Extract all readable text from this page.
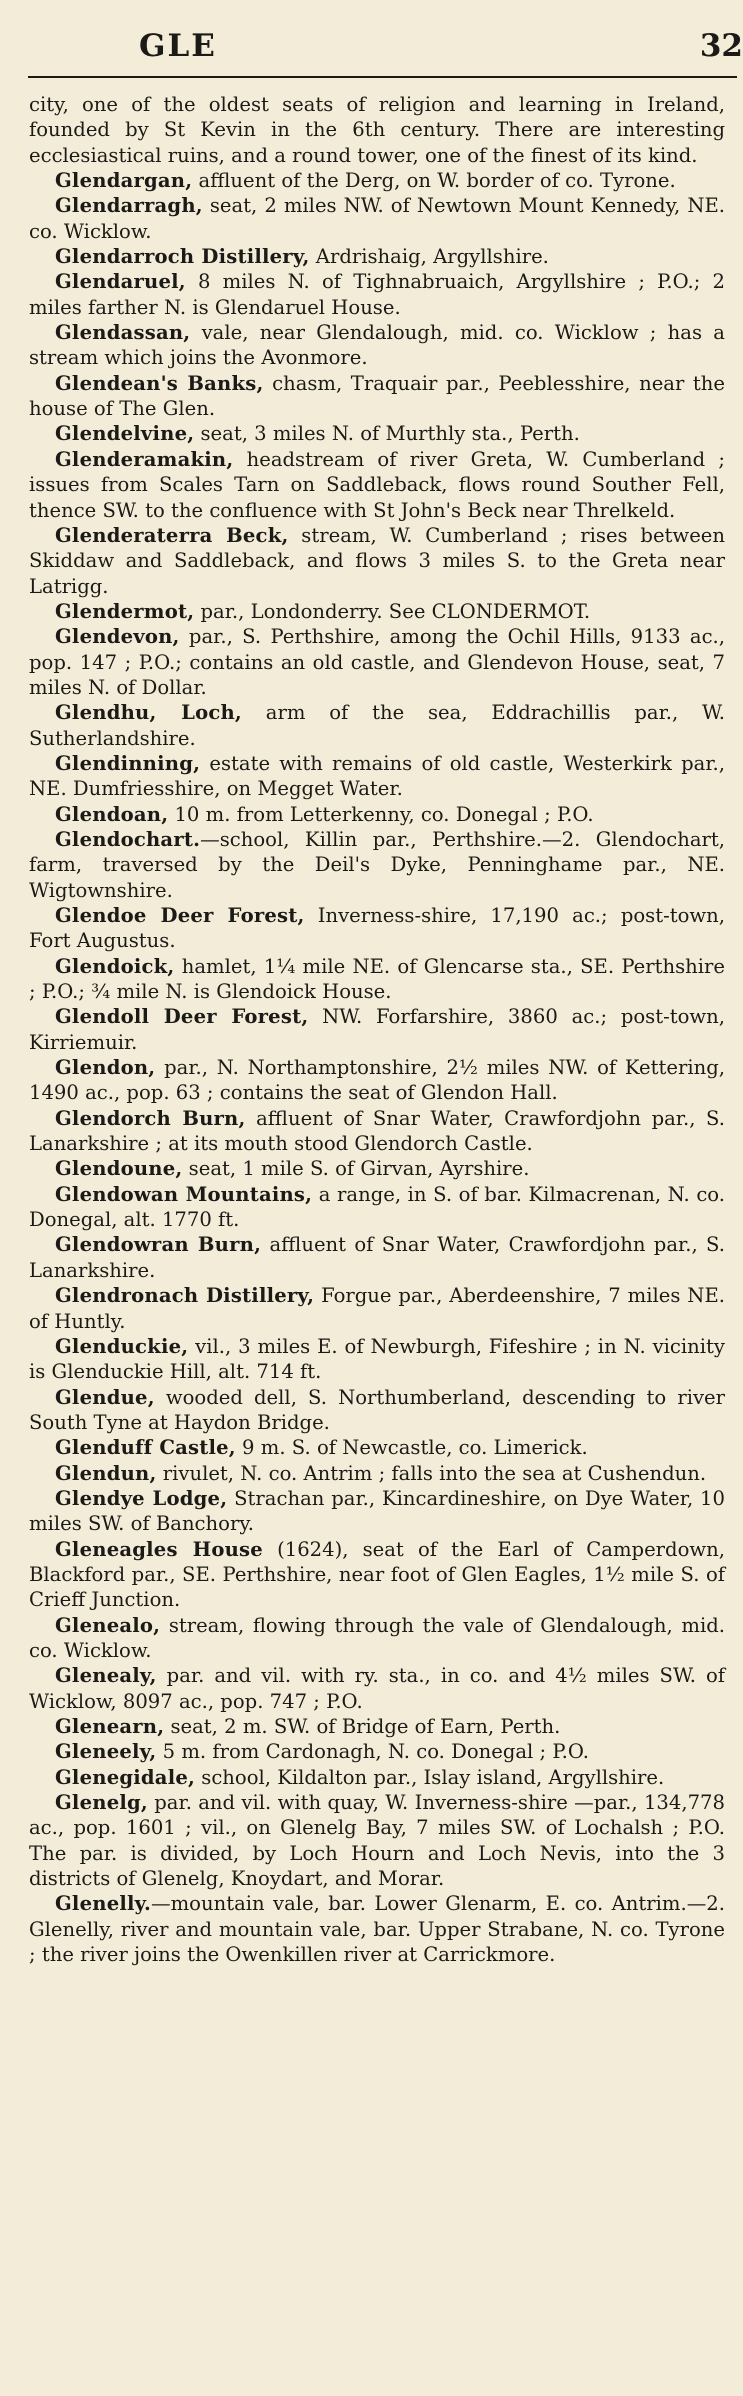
GLE	32

city, one of the oldest seats of religion and learning in Ireland, founded by St Kevin in the 6th century. There are interesting ecclesiastical ruins, and a round tower, one of the finest of its kind.

Glendargan, affluent of the Derg, on W. border of co. Tyrone.

Glendarragh, seat, 2 miles NW. of Newtown Mount Kennedy, NE. co. Wicklow.

Glendarroch Distillery, Ardrishaig, Argyllshire.

Glendaruel, 8 miles N. of Tighnabruaich, Argyllshire ; P.O.; 2 miles farther N. is Glendaruel House.

Glendassan, vale, near Glendalough, mid. co. Wicklow ; has a stream which joins the Avonmore.

Glendean's Banks, chasm, Traquair par., Peeblesshire, near the house of The Glen.

Glendelvine, seat, 3 miles N. of Murthly sta., Perth.

Glenderamakin, headstream of river Greta, W. Cumberland ; issues from Scales Tarn on Saddleback, flows round Souther Fell, thence SW. to the confluence with St John's Beck near Threlkeld.

Glenderaterra Beck, stream, W. Cumberland ; rises between Skiddaw and Saddleback, and flows 3 miles S. to the Greta near Latrigg.

Glendermot, par., Londonderry. See CLONDERMOT.

Glendevon, par., S. Perthshire, among the Ochil Hills, 9133 ac., pop. 147 ; P.O.; contains an old castle, and Glendevon House, seat, 7 miles N. of Dollar.

Glendhu, Loch, arm of the sea, Eddrachillis par., W. Sutherlandshire.

Glendinning, estate with remains of old castle, Westerkirk par., NE. Dumfriesshire, on Megget Water.

Glendoan, 10 m. from Letterkenny, co. Donegal ; P.O.

Glendochart.—school, Killin par., Perthshire.—2. Glendochart, farm, traversed by the Deil's Dyke, Penninghame par., NE. Wigtownshire.

Glendoe Deer Forest, Inverness-shire, 17,190 ac.; post-town, Fort Augustus.

Glendoick, hamlet, 1¼ mile NE. of Glencarse sta., SE. Perthshire ; P.O.; ¾ mile N. is Glendoick House.

Glendoll Deer Forest, NW. Forfarshire, 3860 ac.; post-town, Kirriemuir.

Glendon, par., N. Northamptonshire, 2½ miles NW. of Kettering, 1490 ac., pop. 63 ; contains the seat of Glendon Hall.

Glendorch Burn, affluent of Snar Water, Crawfordjohn par., S. Lanarkshire ; at its mouth stood Glendorch Castle.

Glendoune, seat, 1 mile S. of Girvan, Ayrshire.

Glendowan Mountains, a range, in S. of bar. Kilmacrenan, N. co. Donegal, alt. 1770 ft.

Glendowran Burn, affluent of Snar Water, Crawfordjohn par., S. Lanarkshire.

Glendronach Distillery, Forgue par., Aberdeenshire, 7 miles NE. of Huntly.

Glenduckie, vil., 3 miles E. of Newburgh, Fifeshire ; in N. vicinity is Glenduckie Hill, alt. 714 ft.

Glendue, wooded dell, S. Northumberland, descending to river South Tyne at Haydon Bridge.

Glenduff Castle, 9 m. S. of Newcastle, co. Limerick.

Glendun, rivulet, N. co. Antrim ; falls into the sea at Cushendun.

Glendye Lodge, Strachan par., Kincardineshire, on Dye Water, 10 miles SW. of Banchory.

Gleneagles House (1624), seat of the Earl of Camperdown, Blackford par., SE. Perthshire, near foot of Glen Eagles, 1½ mile S. of Crieff Junction.

Glenealo, stream, flowing through the vale of Glendalough, mid. co. Wicklow.

Glenealy, par. and vil. with ry. sta., in co. and 4½ miles SW. of Wicklow, 8097 ac., pop. 747 ; P.O.

Glenearn, seat, 2 m. SW. of Bridge of Earn, Perth.

Gleneely, 5 m. from Cardonagh, N. co. Donegal ; P.O.

Glenegidale, school, Kildalton par., Islay island, Argyllshire.

Glenelg, par. and vil. with quay, W. Inverness-shire —par., 134,778 ac., pop. 1601 ; vil., on Glenelg Bay, 7 miles SW. of Lochalsh ; P.O. The par. is divided, by Loch Hourn and Loch Nevis, into the 3 districts of Glenelg, Knoydart, and Morar.

Glenelly.—mountain vale, bar. Lower Glenarm, E. co. Antrim.—2. Glenelly, river and mountain vale, bar. Upper Strabane, N. co. Tyrone ; the river joins the Owenkillen river at Carrickmore.
